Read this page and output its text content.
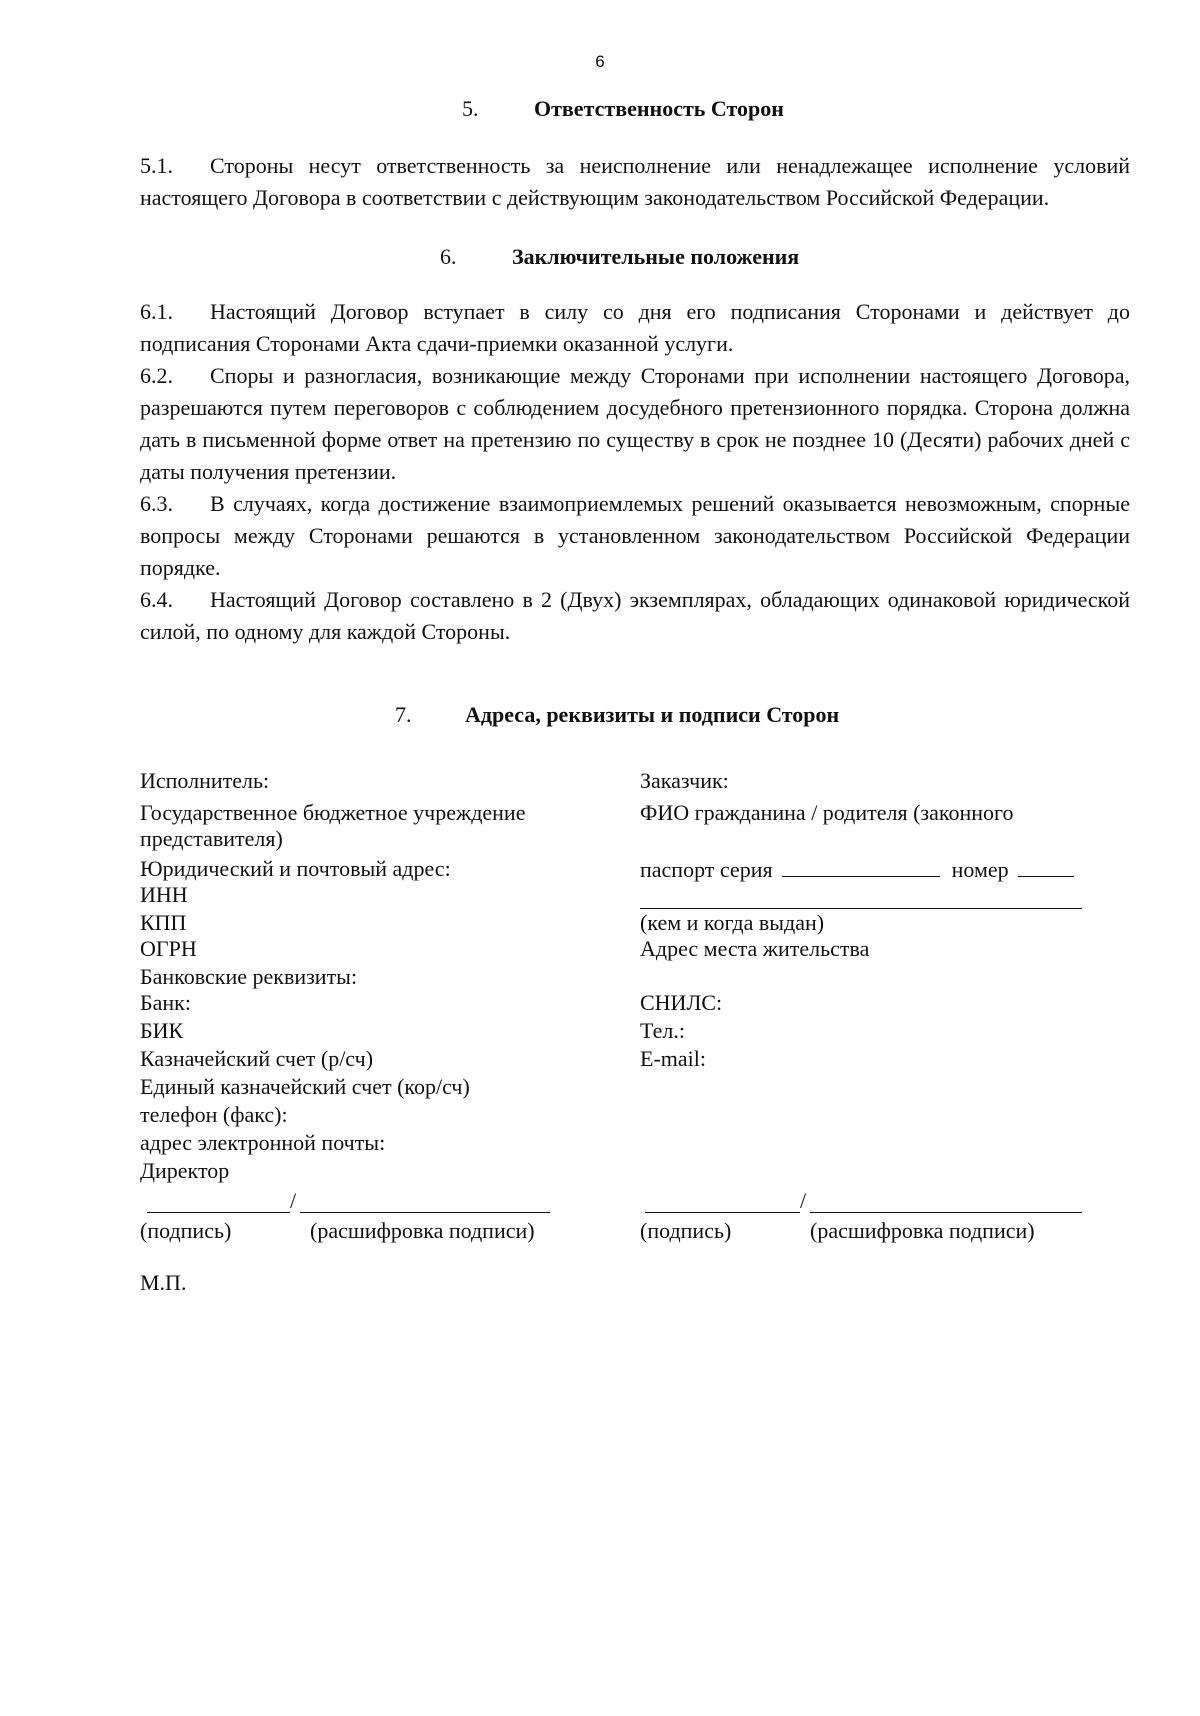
6
5.	Ответственность Сторон
5.1. Стороны несут ответственность за неисполнение или ненадлежащее исполнение условий настоящего Договора в соответствии с действующим законодательством Российской Федерации.
6.	Заключительные положения
6.1. Настоящий Договор вступает в силу со дня его подписания Сторонами и действует до подписания Сторонами Акта сдачи-приемки оказанной услуги.
6.2. Споры и разногласия, возникающие между Сторонами при исполнении настоящего Договора, разрешаются путем переговоров с соблюдением досудебного претензионного порядка. Сторона должна дать в письменной форме ответ на претензию по существу в срок не позднее 10 (Десяти) рабочих дней с даты получения претензии.
6.3. В случаях, когда достижение взаимоприемлемых решений оказывается невозможным, спорные вопросы между Сторонами решаются в установленном законодательством Российской Федерации порядке.
6.4. Настоящий Договор составлено в 2 (Двух) экземплярах, обладающих одинаковой юридической силой, по одному для каждой Стороны.
7.	Адреса, реквизиты и подписи Сторон
Исполнитель:
Государственное бюджетное учреждение
представителя)
Юридический и почтовый адрес:
ИНН
КПП
ОГРН
Банковские реквизиты:
Банк:
БИК
Казначейский счет (р/сч)
Единый казначейский счет (кор/сч)
телефон (факс):
адрес электронной почты:
Директор
/
(подпись)	(расшифровка подписи)
М.П.
Заказчик:
ФИО гражданина / родителя (законного
паспорт серия	номер
(кем и когда выдан)
Адрес места жительства
СНИЛС:
Тел.:
E-mail:
/
(подпись)	(расшифровка подписи)
